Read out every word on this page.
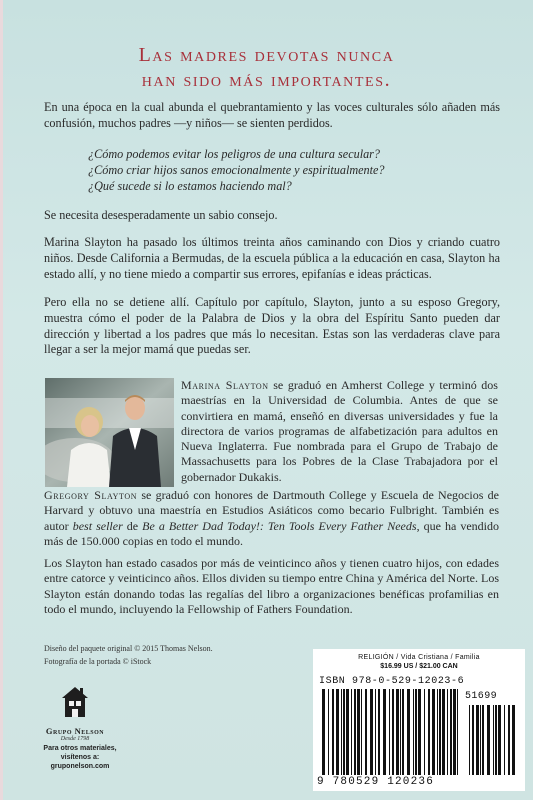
Las madres devotas nunca
han sido más importantes.

En una época en la cual abunda el quebrantamiento y las voces culturales sólo añaden más confusión, muchos padres —y niños— se sienten perdidos.

¿Cómo podemos evitar los peligros de una cultura secular?

¿Cómo criar hijos sanos emocionalmente y espiritualmente?

¿Qué sucede si lo estamos haciendo mal?

Se necesita desesperadamente un sabio consejo.

Marina Slayton ha pasado los últimos treinta años caminando con Dios y criando cuatro niños. Desde California a Bermudas, de la escuela pública a la educación en casa, Slayton ha estado allí, y no tiene miedo a compartir sus errores, epifanías e ideas prácticas.

Pero ella no se detiene allí. Capítulo por capítulo, Slayton, junto a su esposo Gregory, muestra cómo el poder de la Palabra de Dios y la obra del Espíritu Santo pueden dar dirección y libertad a los padres que más lo necesitan. Estas son las verdaderas clave para llegar a ser la mejor mamá que puedas ser.

Marina Slayton se graduó en Amherst College y terminó dos maestrías en la Universidad de Columbia. Antes de que se convirtiera en mamá, enseñó en diversas universidades y fue la directora de varios programas de alfabetización para adultos en Nueva Inglaterra. Fue nombrada para el Grupo de Trabajo de Massachusetts para los Pobres de la Clase Trabajadora por el gobernador Dukakis.

Gregory Slayton se graduó con honores de Dartmouth College y Escuela de Negocios de Harvard y obtuvo una maestría en Estudios Asiáticos como becario Fulbright. También es autor best seller de Be a Better Dad Today!: Ten Tools Every Father Needs, que ha vendido más de 150.000 copias en todo el mundo.

Los Slayton han estado casados por más de veinticinco años y tienen cuatro hijos, con edades entre catorce y veinticinco años. Ellos dividen su tiempo entre China y América del Norte. Los Slayton están donando todas las regalías del libro a organizaciones benéficas profamilias en todo el mundo, incluyendo la Fellowship of Fathers Foundation.

Diseño del paquete original © 2015 Thomas Nelson.
Fotografía de la portada © iStock
Grupo Nelson
Desde 1798
Para otros materiales, visítenos a:
gruponelson.com
RELIGIÓN / Vida Cristiana / Familia
$16.99 US / $21.00 CAN
ISBN 978-0-529-12023-6
51699
9 780529 120236
